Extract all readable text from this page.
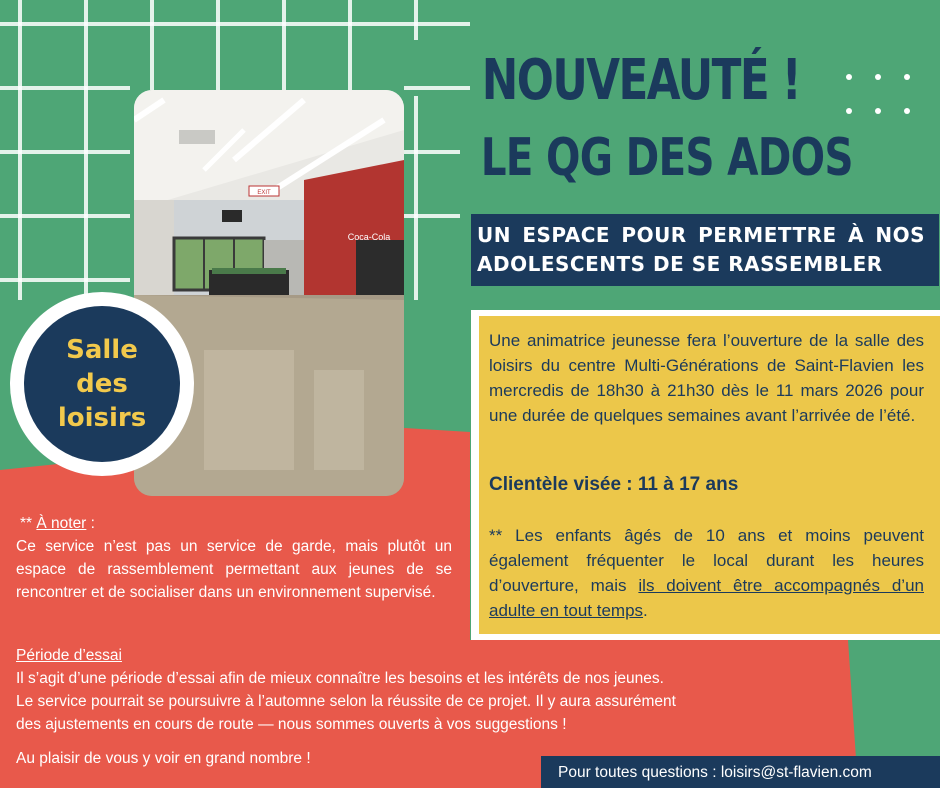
EXIT
Coca-Cola
Salle des
loisirs
NOUVEAUTÉ !
LE QG DES ADOS
UN ESPACE POUR PERMETTRE À NOS
ADOLESCENTS DE SE RASSEMBLER
Une animatrice jeunesse fera l’ouverture de la salle des loisirs du centre Multi-Générations de Saint-Flavien les mercredis de 18h30 à 21h30 dès le 11 mars 2026 pour une durée de quelques semaines avant l’arrivée de l’été.
Clientèle visée : 11 à 17 ans
** Les enfants âgés de 10 ans et moins peuvent également fréquenter le local durant les heures d’ouverture, mais ils doivent être accompagnés d’un adulte en tout temps.
** À noter :
Ce service n’est pas un service de garde, mais plutôt un espace de rassemblement permettant aux jeunes de se rencontrer et de socialiser dans un environnement supervisé.
Période d’essai
Il s’agit d’une période d’essai afin de mieux connaître les besoins et les intérêts de nos jeunes.
Le service pourrait se poursuivre à l’automne selon la réussite de ce projet. Il y aura assurément
des ajustements en cours de route — nous sommes ouverts à vos suggestions !
Au plaisir de vous y voir en grand nombre !
Pour toutes questions : loisirs@st-flavien.com
